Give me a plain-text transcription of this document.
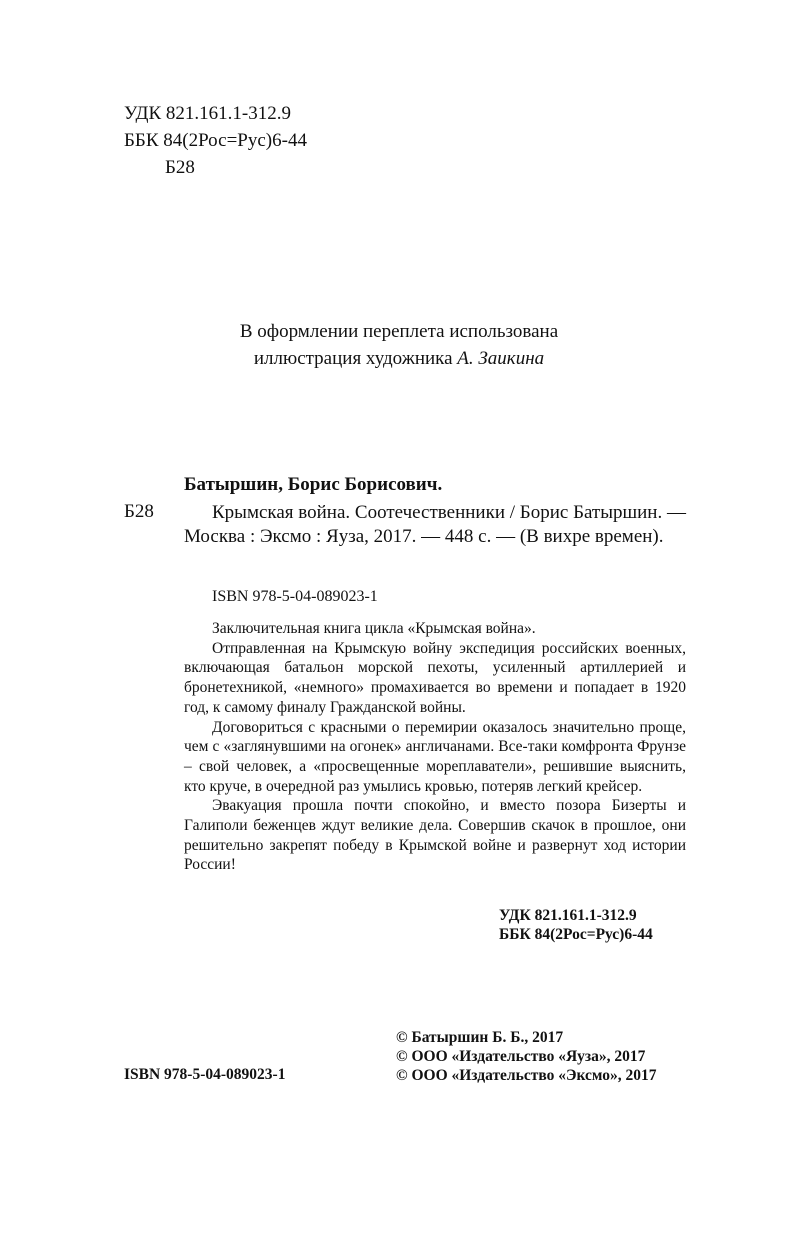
УДК 821.161.1-312.9
ББК 84(2Рос=Рус)6-44
Б28
В оформлении переплета использована
иллюстрация художника А. Заикина
Батыршин, Борис Борисович.
Б28	Крымская война. Соотечественники / Борис Батыршин. — Москва : Эксмо : Яуза, 2017. — 448 с. — (В вихре времен).
ISBN 978-5-04-089023-1

Заключительная книга цикла «Крымская война».

Отправленная на Крымскую войну экспедиция российских военных, включающая батальон морской пехоты, усиленный артиллерией и бронетехникой, «немного» промахивается во времени и попадает в 1920 год, к самому финалу Гражданской войны.

Договориться с красными о перемирии оказалось значительно проще, чем с «заглянувшими на огонек» англичанами. Все-таки комфронта Фрунзе – свой человек, а «просвещенные мореплаватели», решившие выяснить, кто круче, в очередной раз умылись кровью, потеряв легкий крейсер.

Эвакуация прошла почти спокойно, и вместо позора Бизерты и Галиполи беженцев ждут великие дела. Совершив скачок в прошлое, они решительно закрепят победу в Крымской войне и развернут ход истории России!

УДК 821.161.1-312.9
ББК 84(2Рос=Рус)6-44
© Батыршин Б. Б., 2017
© ООО «Издательство «Яуза», 2017
© ООО «Издательство «Эксмо», 2017
ISBN 978-5-04-089023-1
